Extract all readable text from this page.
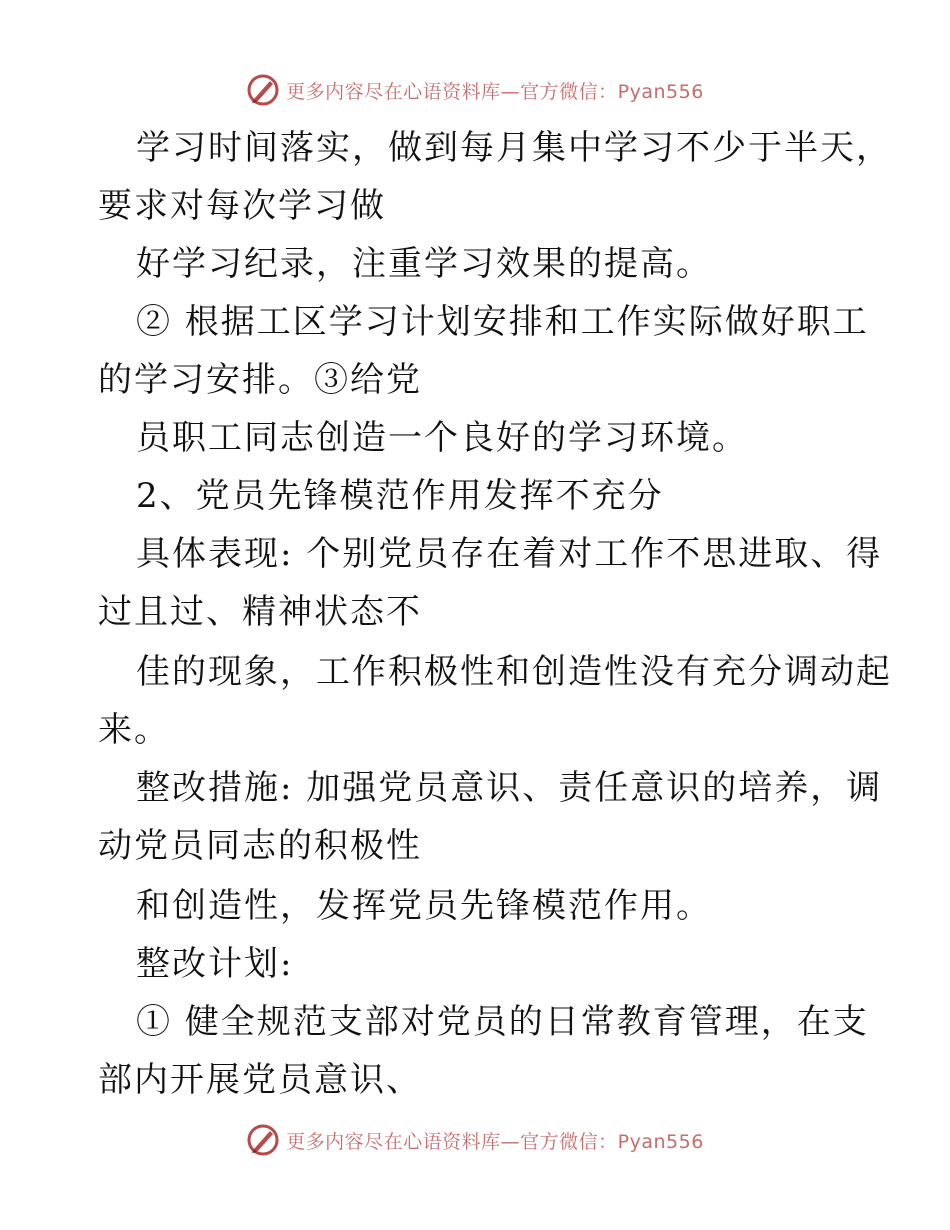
更多内容尽在心语资料库—官方微信：Pyan556
学习时间落实，做到每月集中学习不少于半天，
要求对每次学习做
好学习纪录，注重学习效果的提高。
② 根据工区学习计划安排和工作实际做好职工
的学习安排。③给党
员职工同志创造一个良好的学习环境。
2、党员先锋模范作用发挥不充分
具体表现: 个别党员存在着对工作不思进取、得
过且过、精神状态不
佳的现象，工作积极性和创造性没有充分调动起
来。
整改措施: 加强党员意识、责任意识的培养，调
动党员同志的积极性
和创造性，发挥党员先锋模范作用。
整改计划:
① 健全规范支部对党员的日常教育管理，在支
部内开展党员意识、
更多内容尽在心语资料库—官方微信：Pyan556
